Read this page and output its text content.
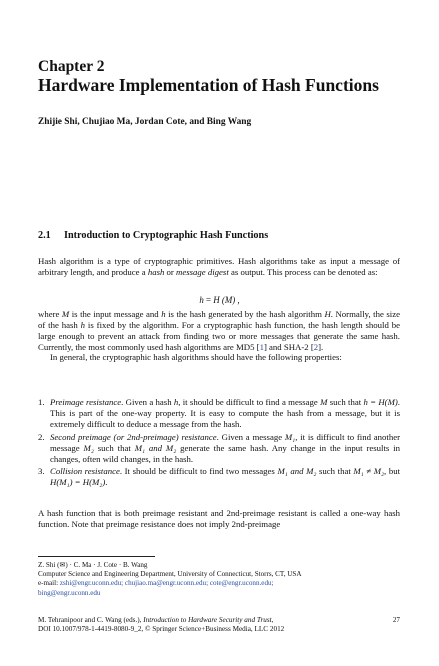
Chapter 2
Hardware Implementation of Hash Functions
Zhijie Shi, Chujiao Ma, Jordan Cote, and Bing Wang
2.1 Introduction to Cryptographic Hash Functions

Hash algorithm is a type of cryptographic primitives. Hash algorithms take as input a message of arbitrary length, and produce a hash or message digest as output. This process can be denoted as:

h = H (M) ,

where M is the input message and h is the hash generated by the hash algorithm H. Normally, the size of the hash h is fixed by the algorithm. For a cryptographic hash function, the hash length should be large enough to prevent an attack from finding two or more messages that generate the same hash. Currently, the most commonly used hash algorithms are MD5 [1] and SHA-2 [2].

In general, the cryptographic hash algorithms should have the following properties:
1. Preimage resistance. Given a hash h, it should be difficult to find a message M such that h = H(M). This is part of the one-way property. It is easy to compute the hash from a message, but it is extremely difficult to deduce a message from the hash.
2. Second preimage (or 2nd-preimage) resistance. Given a message M₁, it is difficult to find another message M₂ such that M₁ and M₂ generate the same hash. Any change in the input results in changes, often wild changes, in the hash.
3. Collision resistance. It should be difficult to find two messages M₁ and M₂ such that M₁ ≠ M₂, but H(M₁) = H(M₂).
A hash function that is both preimage resistant and 2nd-preimage resistant is called a one-way hash function. Note that preimage resistance does not imply 2nd-preimage
Z. Shi (✉) · C. Ma · J. Cote · B. Wang
Computer Science and Engineering Department, University of Connecticut, Storrs, CT, USA
e-mail: zshi@engr.uconn.edu; chujiao.ma@engr.uconn.edu; cote@engr.uconn.edu;
bing@engr.uconn.edu
M. Tehranipoor and C. Wang (eds.), Introduction to Hardware Security and Trust,	27
DOI 10.1007/978-1-4419-8080-9_2, © Springer Science+Business Media, LLC 2012
